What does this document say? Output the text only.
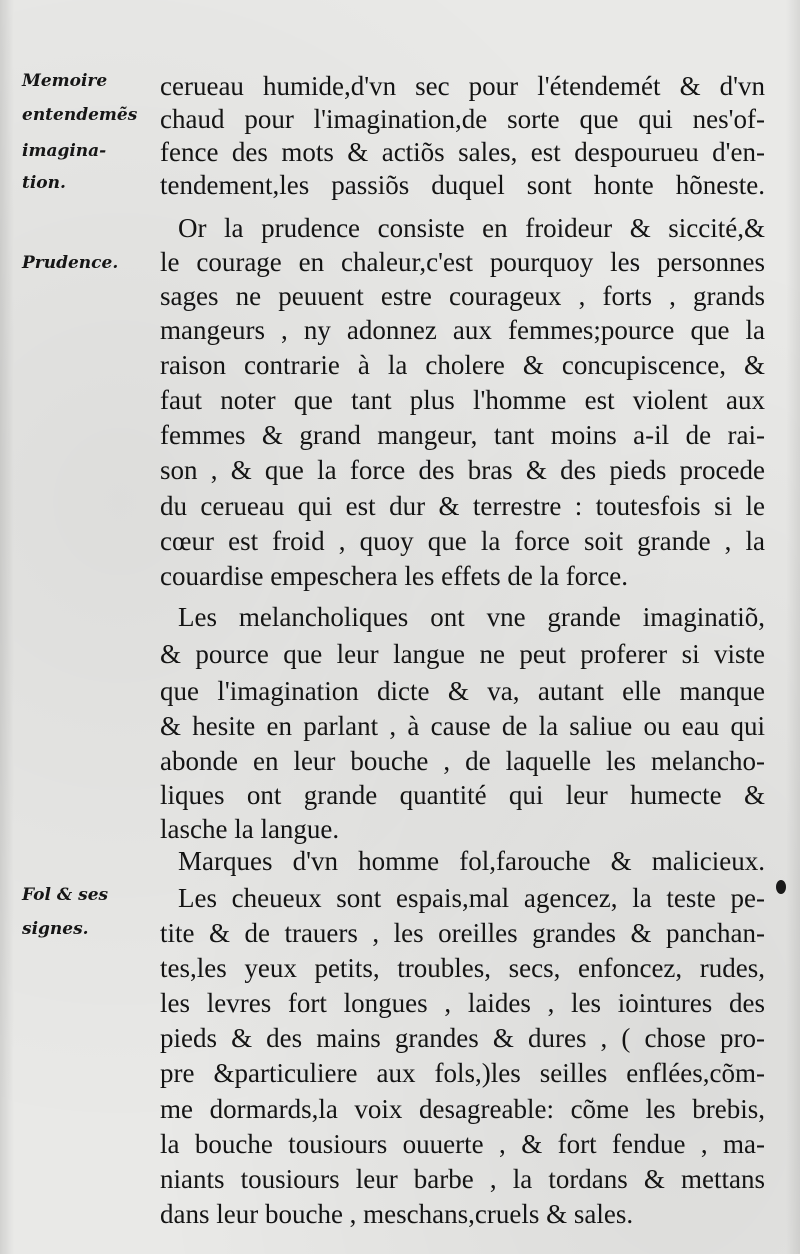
Memoire
entendemẽs
imagina-
tion.
Prudence.
Fol & ses
signes.
cerueau humide,d'vn sec pour l'étendemét & d'vn
chaud pour l'imagination,de sorte que qui nes'of-
fence des mots & actiõs sales, est despourueu d'en-
tendement,les passiõs duquel sont honte hõneste.
Or la prudence consiste en froideur & siccité,&
le courage en chaleur,c'est pourquoy les personnes
sages ne peuuent estre courageux , forts , grands
mangeurs , ny adonnez aux femmes;pource que la
raison contrarie à la cholere & concupiscence, &
faut noter que tant plus l'homme est violent aux
femmes & grand mangeur, tant moins a-il de rai-
son , & que la force des bras & des pieds procede
du cerueau qui est dur & terrestre : toutesfois si le
cœur est froid , quoy que la force soit grande , la
couardise empeschera les effets de la force.
Les melancholiques ont vne grande imaginatiõ,
& pource que leur langue ne peut proferer si viste
que l'imagination dicte & va, autant elle manque
& hesite en parlant , à cause de la saliue ou eau qui
abonde en leur bouche , de laquelle les melancho-
liques ont grande quantité qui leur humecte &
lasche la langue.
Marques d'vn homme fol,farouche & malicieux.
Les cheueux sont espais,mal agencez, la teste pe-
tite & de trauers , les oreilles grandes & panchan-
tes,les yeux petits, troubles, secs, enfoncez, rudes,
les levres fort longues , laides , les iointures des
pieds & des mains grandes & dures , ( chose pro-
pre &particuliere aux fols,)les seilles enflées,cõm-
me dormards,la voix desagreable: cõme les brebis,
la bouche tousiours ouuerte , & fort fendue , ma-
niants tousiours leur barbe , la tordans & mettans
dans leur bouche , meschans,cruels & sales.
